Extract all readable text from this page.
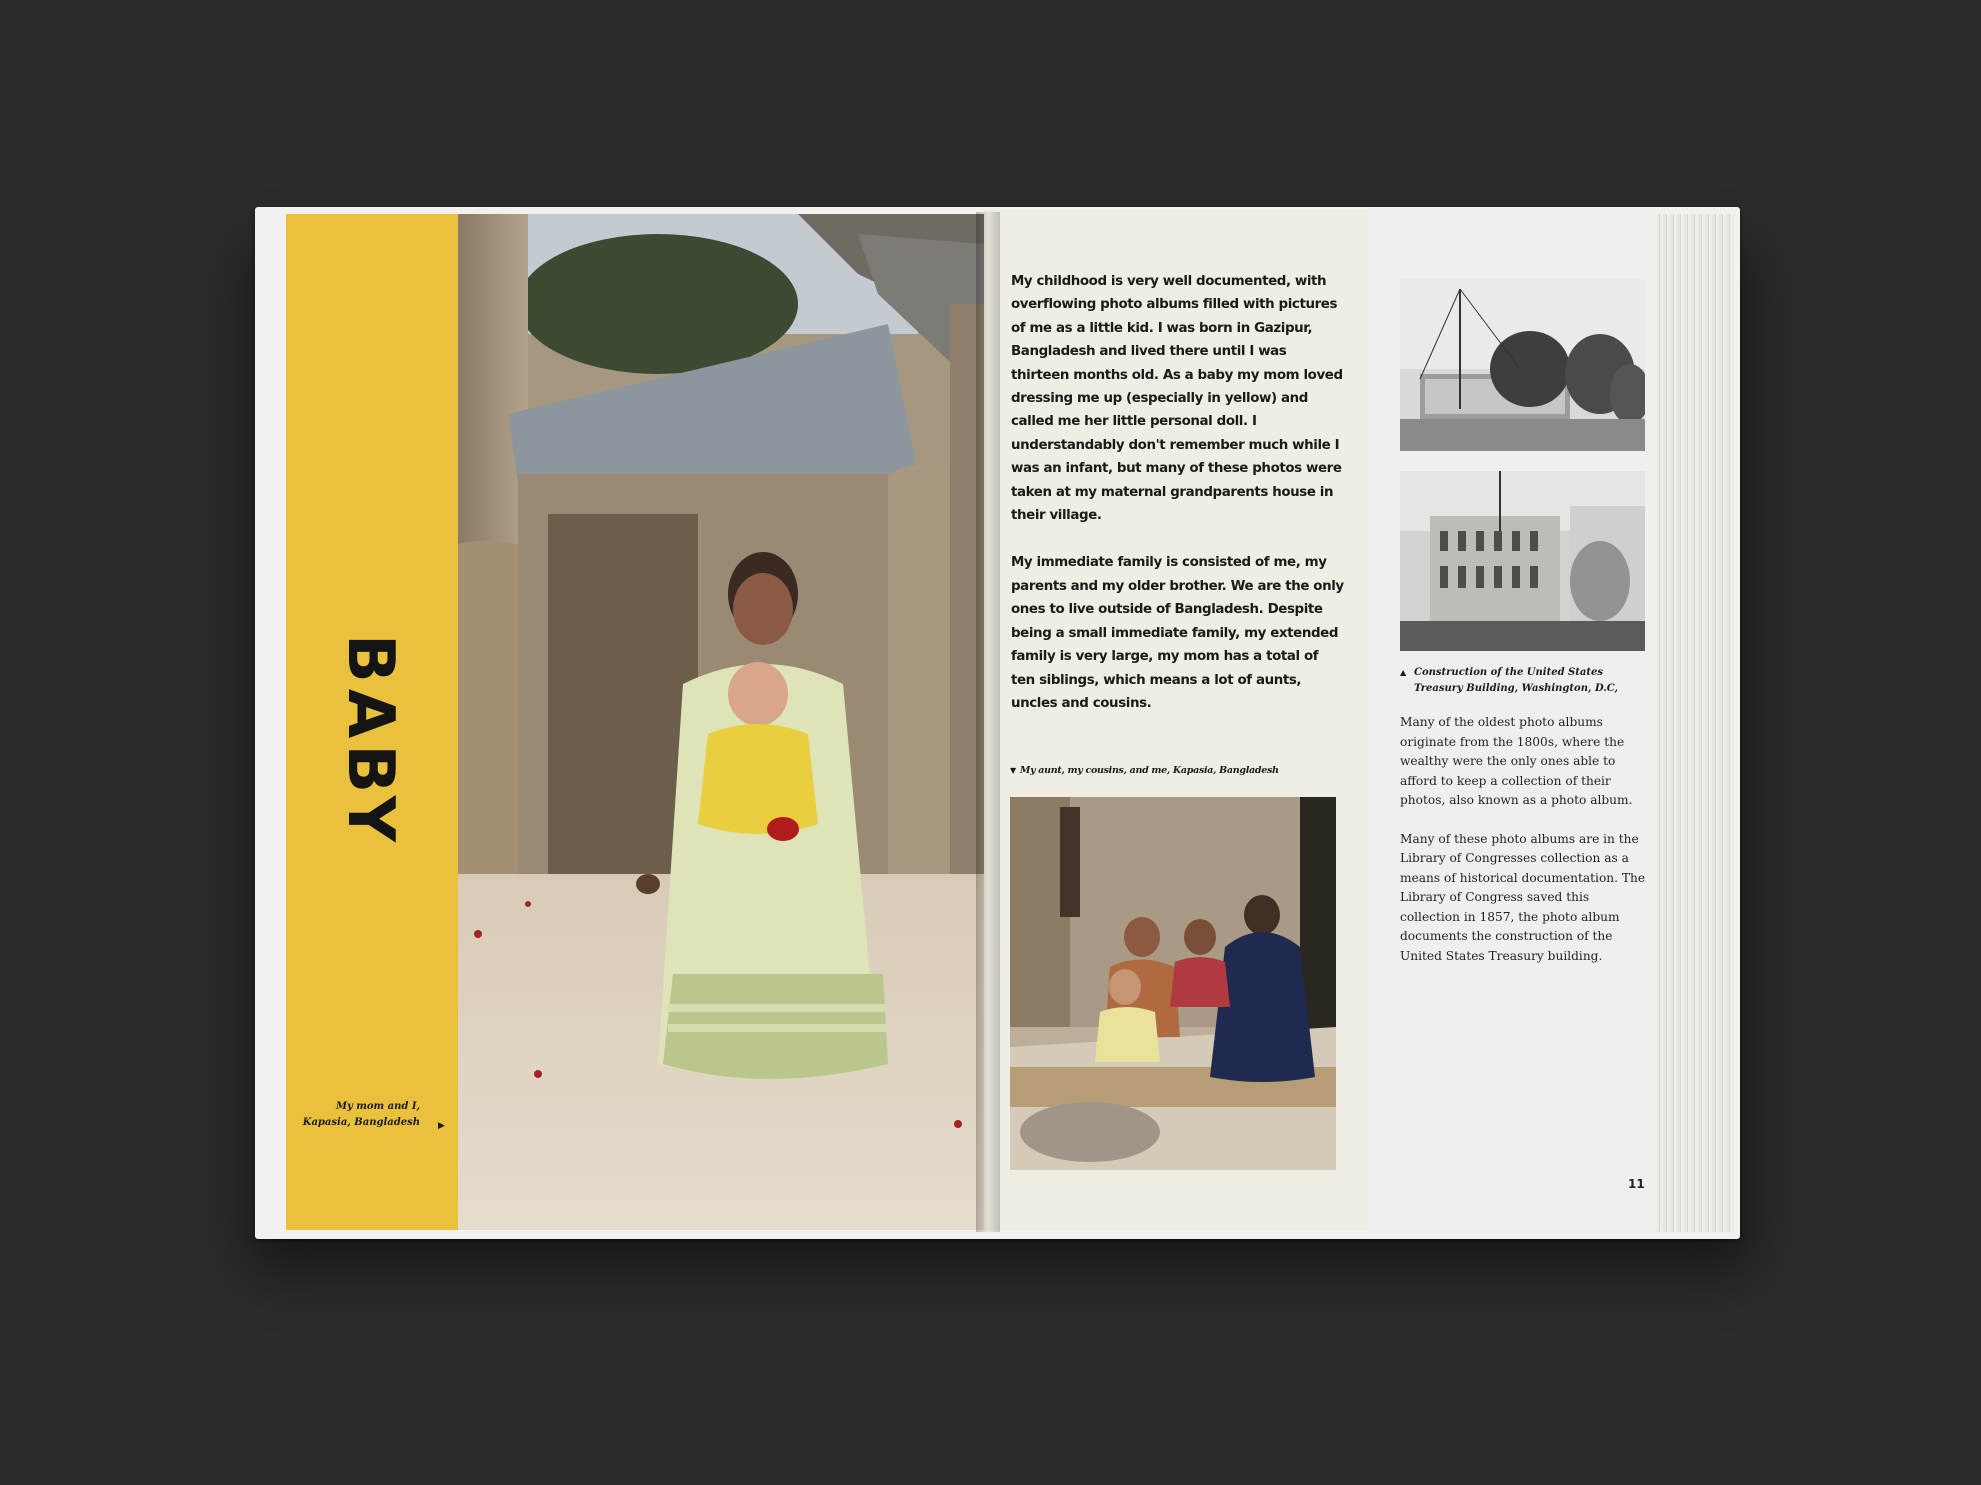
BABY
My mom and I,
Kapasia, Bangladesh ▶

My childhood is very well documented, with overflowing photo albums filled with pictures of me as a little kid. I was born in Gazipur, Bangladesh and lived there until I was thirteen months old. As a baby my mom loved dressing me up (especially in yellow) and called me her little personal doll. I understandably don't remember much while I was an infant, but many of these photos were taken at my maternal grandparents house in their village.

My immediate family is consisted of me, my parents and my older brother. We are the only ones to live outside of Bangladesh. Despite being a small immediate family, my extended family is very large, my mom has a total of ten siblings, which means a lot of aunts, uncles and cousins.

▼ My aunt, my cousins, and me, Kapasia, Bangladesh
▲ Construction of the United States Treasury Building, Washington, D.C,

Many of the oldest photo albums originate from the 1800s, where the wealthy were the only ones able to afford to keep a collection of their photos, also known as a photo album.

Many of these photo albums are in the Library of Congresses collection as a means of historical documentation. The Library of Congress saved this collection in 1857, the photo album documents the construction of the United States Treasury building.

11
